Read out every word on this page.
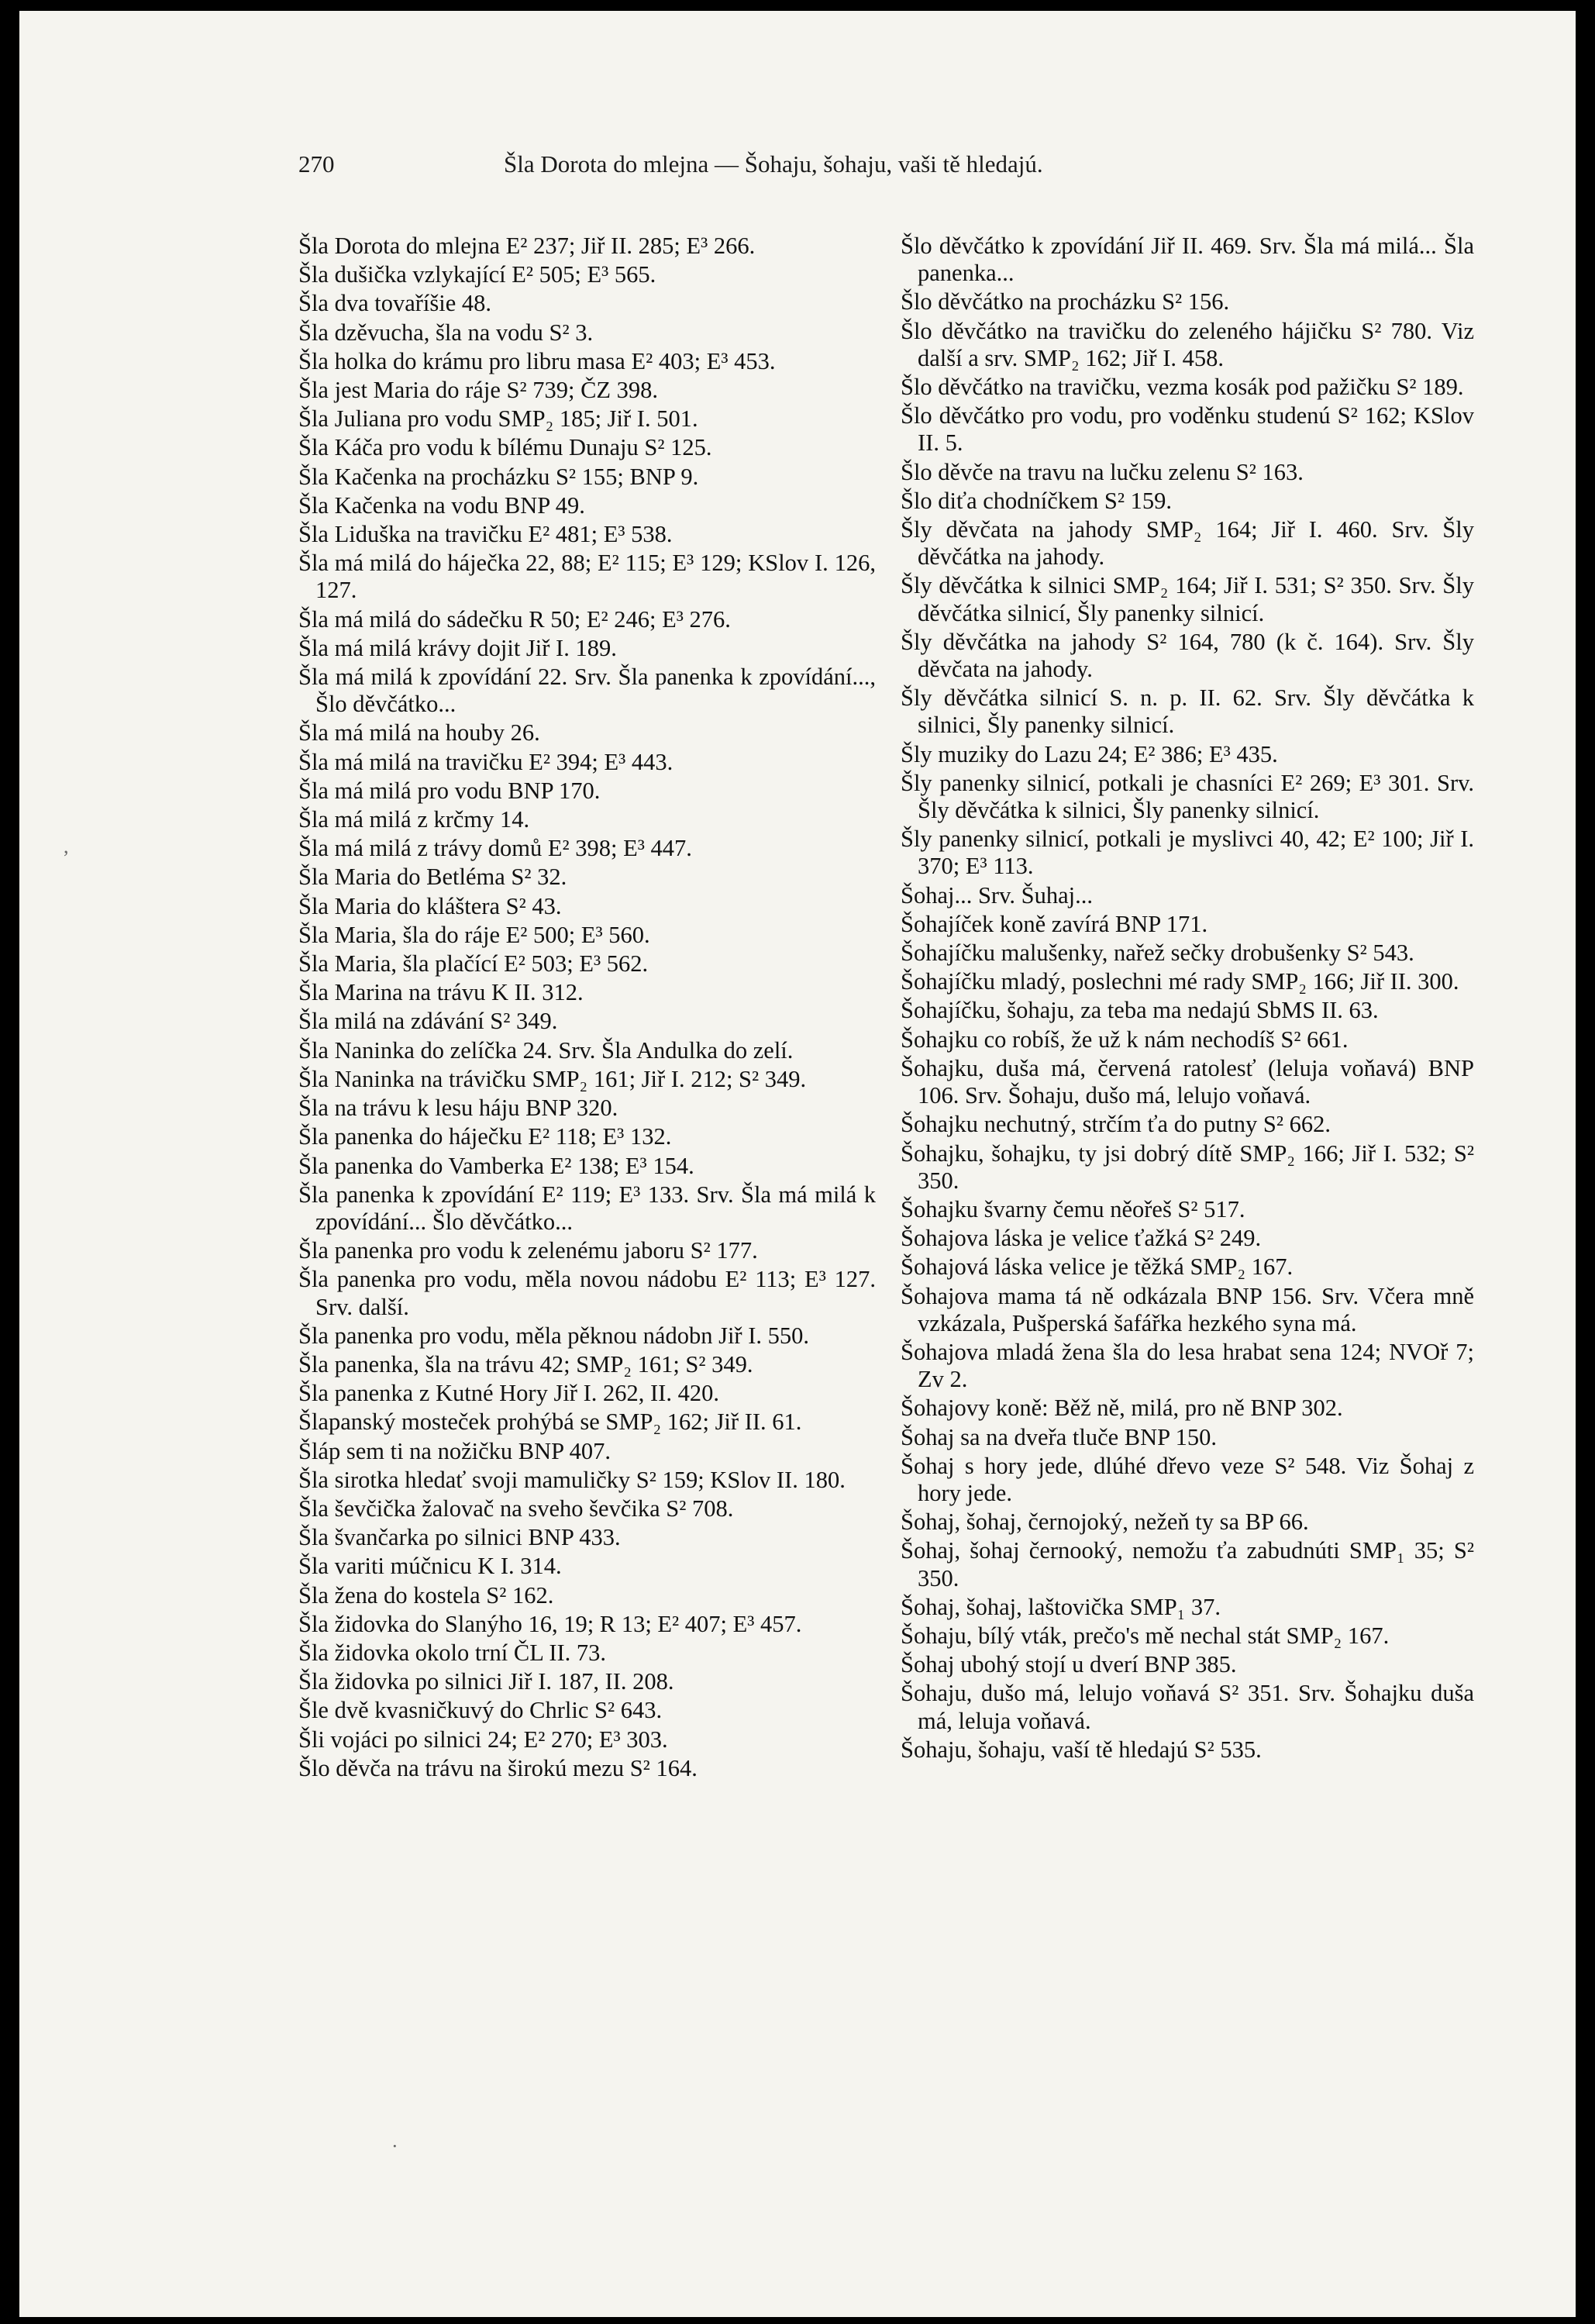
270	Šla Dorota do mlejna — Šohaju, šohaju, vaši tě hledajú.

Šla Dorota do mlejna E² 237; Jiř II. 285; E³ 266.

Šla dušička vzlykající E² 505; E³ 565.

Šla dva tovaříšie 48.

Šla dzěvucha, šla na vodu S² 3.

Šla holka do krámu pro libru masa E² 403; E³ 453.

Šla jest Maria do ráje S² 739; ČZ 398.

Šla Juliana pro vodu SMP₂ 185; Jiř I. 501.

Šla Káča pro vodu k bílému Dunaju S² 125.

Šla Kačenka na procházku S² 155; BNP 9.

Šla Kačenka na vodu BNP 49.

Šla Liduška na travičku E² 481; E³ 538.

Šla má milá do háječka 22, 88; E² 115; E³ 129; KSlov I. 126, 127.

Šla má milá do sádečku R 50; E² 246; E³ 276.

Šla má milá krávy dojit Jiř I. 189.

Šla má milá k zpovídání 22. Srv. Šla panenka k zpovídání..., Šlo děvčátko...

Šla má milá na houby 26.

Šla má milá na travičku E² 394; E³ 443.

Šla má milá pro vodu BNP 170.

Šla má milá z krčmy 14.

Šla má milá z trávy domů E² 398; E³ 447.

Šla Maria do Betléma S² 32.

Šla Maria do kláštera S² 43.

Šla Maria, šla do ráje E² 500; E³ 560.

Šla Maria, šla plačící E² 503; E³ 562.

Šla Marina na trávu K II. 312.

Šla milá na zdávání S² 349.

Šla Naninka do zelíčka 24. Srv. Šla Andulka do zelí.

Šla Naninka na trávičku SMP₂ 161; Jiř I. 212; S² 349.

Šla na trávu k lesu háju BNP 320.

Šla panenka do háječku E² 118; E³ 132.

Šla panenka do Vamberka E² 138; E³ 154.

Šla panenka k zpovídání E² 119; E³ 133. Srv. Šla má milá k zpovídání... Šlo děvčátko...

Šla panenka pro vodu k zelenému jaboru S² 177.

Šla panenka pro vodu, měla novou nádobu E² 113; E³ 127. Srv. další.

Šla panenka pro vodu, měla pěknou nádobn Jiř I. 550.

Šla panenka, šla na trávu 42; SMP₂ 161; S² 349.

Šla panenka z Kutné Hory Jiř I. 262, II. 420.

Šlapanský mosteček prohýbá se SMP₂ 162; Jiř II. 61.

Šláp sem ti na nožičku BNP 407.

Šla sirotka hledať svoji mamuličky S² 159; KSlov II. 180.

Šla ševčička žalovač na sveho ševčika S² 708.

Šla švančarka po silnici BNP 433.

Šla variti múčnicu K I. 314.

Šla žena do kostela S² 162.

Šla židovka do Slanýho 16, 19; R 13; E² 407; E³ 457.

Šla židovka okolo trní ČL II. 73.

Šla židovka po silnici Jiř I. 187, II. 208.

Šle dvě kvasničkuvý do Chrlic S² 643.

Šli vojáci po silnici 24; E² 270; E³ 303.

Šlo děvča na trávu na širokú mezu S² 164.

Šlo děvčátko k zpovídání Jiř II. 469. Srv. Šla má milá... Šla panenka...

Šlo děvčátko na procházku S² 156.

Šlo děvčátko na travičku do zeleného hájičku S² 780. Viz další a srv. SMP₂ 162; Jiř I. 458.

Šlo děvčátko na travičku, vezma kosák pod pažičku S² 189.

Šlo děvčátko pro vodu, pro voděnku studenú S² 162; KSlov II. 5.

Šlo děvče na travu na lučku zelenu S² 163.

Šlo diťa chodníčkem S² 159.

Šly děvčata na jahody SMP₂ 164; Jiř I. 460. Srv. Šly děvčátka na jahody.

Šly děvčátka k silnici SMP₂ 164; Jiř I. 531; S² 350. Srv. Šly děvčátka silnicí, Šly panenky silnicí.

Šly děvčátka na jahody S² 164, 780 (k č. 164). Srv. Šly děvčata na jahody.

Šly děvčátka silnicí S. n. p. II. 62. Srv. Šly děvčátka k silnici, Šly panenky silnicí.

Šly muziky do Lazu 24; E² 386; E³ 435.

Šly panenky silnicí, potkali je chasníci E² 269; E³ 301. Srv. Šly děvčátka k silnici, Šly panenky silnicí.

Šly panenky silnicí, potkali je myslivci 40, 42; E² 100; Jiř I. 370; E³ 113.

Šohaj... Srv. Šuhaj...

Šohajíček koně zavírá BNP 171.

Šohajíčku malušenky, nařež sečky drobušenky S² 543.

Šohajíčku mladý, poslechni mé rady SMP₂ 166; Jiř II. 300.

Šohajíčku, šohaju, za teba ma nedajú SbMS II. 63.

Šohajku co robíš, že už k nám nechodíš S² 661.

Šohajku, duša má, červená ratolesť (leluja voňavá) BNP 106. Srv. Šohaju, dušo má, lelujo voňavá.

Šohajku nechutný, strčím ťa do putny S² 662.

Šohajku, šohajku, ty jsi dobrý dítě SMP₂ 166; Jiř I. 532; S² 350.

Šohajku švarny čemu něořeš S² 517.

Šohajova láska je velice ťažká S² 249.

Šohajová láska velice je těžká SMP₂ 167.

Šohajova mama tá ně odkázala BNP 156. Srv. Včera mně vzkázala, Pušperská šafářka hezkého syna má.

Šohajova mladá žena šla do lesa hrabat sena 124; NVOř 7; Zv 2.

Šohajovy koně: Běž ně, milá, pro ně BNP 302.

Šohaj sa na dveřa tluče BNP 150.

Šohaj s hory jede, dlúhé dřevo veze S² 548. Viz Šohaj z hory jede.

Šohaj, šohaj, černojoký, nežeň ty sa BP 66.

Šohaj, šohaj černooký, nemožu ťa zabudnúti SMP₁ 35; S² 350.

Šohaj, šohaj, laštovička SMP₁ 37.

Šohaju, bílý vták, prečo's mě nechal stát SMP₂ 167.

Šohaj ubohý stojí u dverí BNP 385.

Šohaju, dušo má, lelujo voňavá S² 351. Srv. Šohajku duša má, leluja voňavá.

Šohaju, šohaju, vaší tě hledajú S² 535.

,
·
